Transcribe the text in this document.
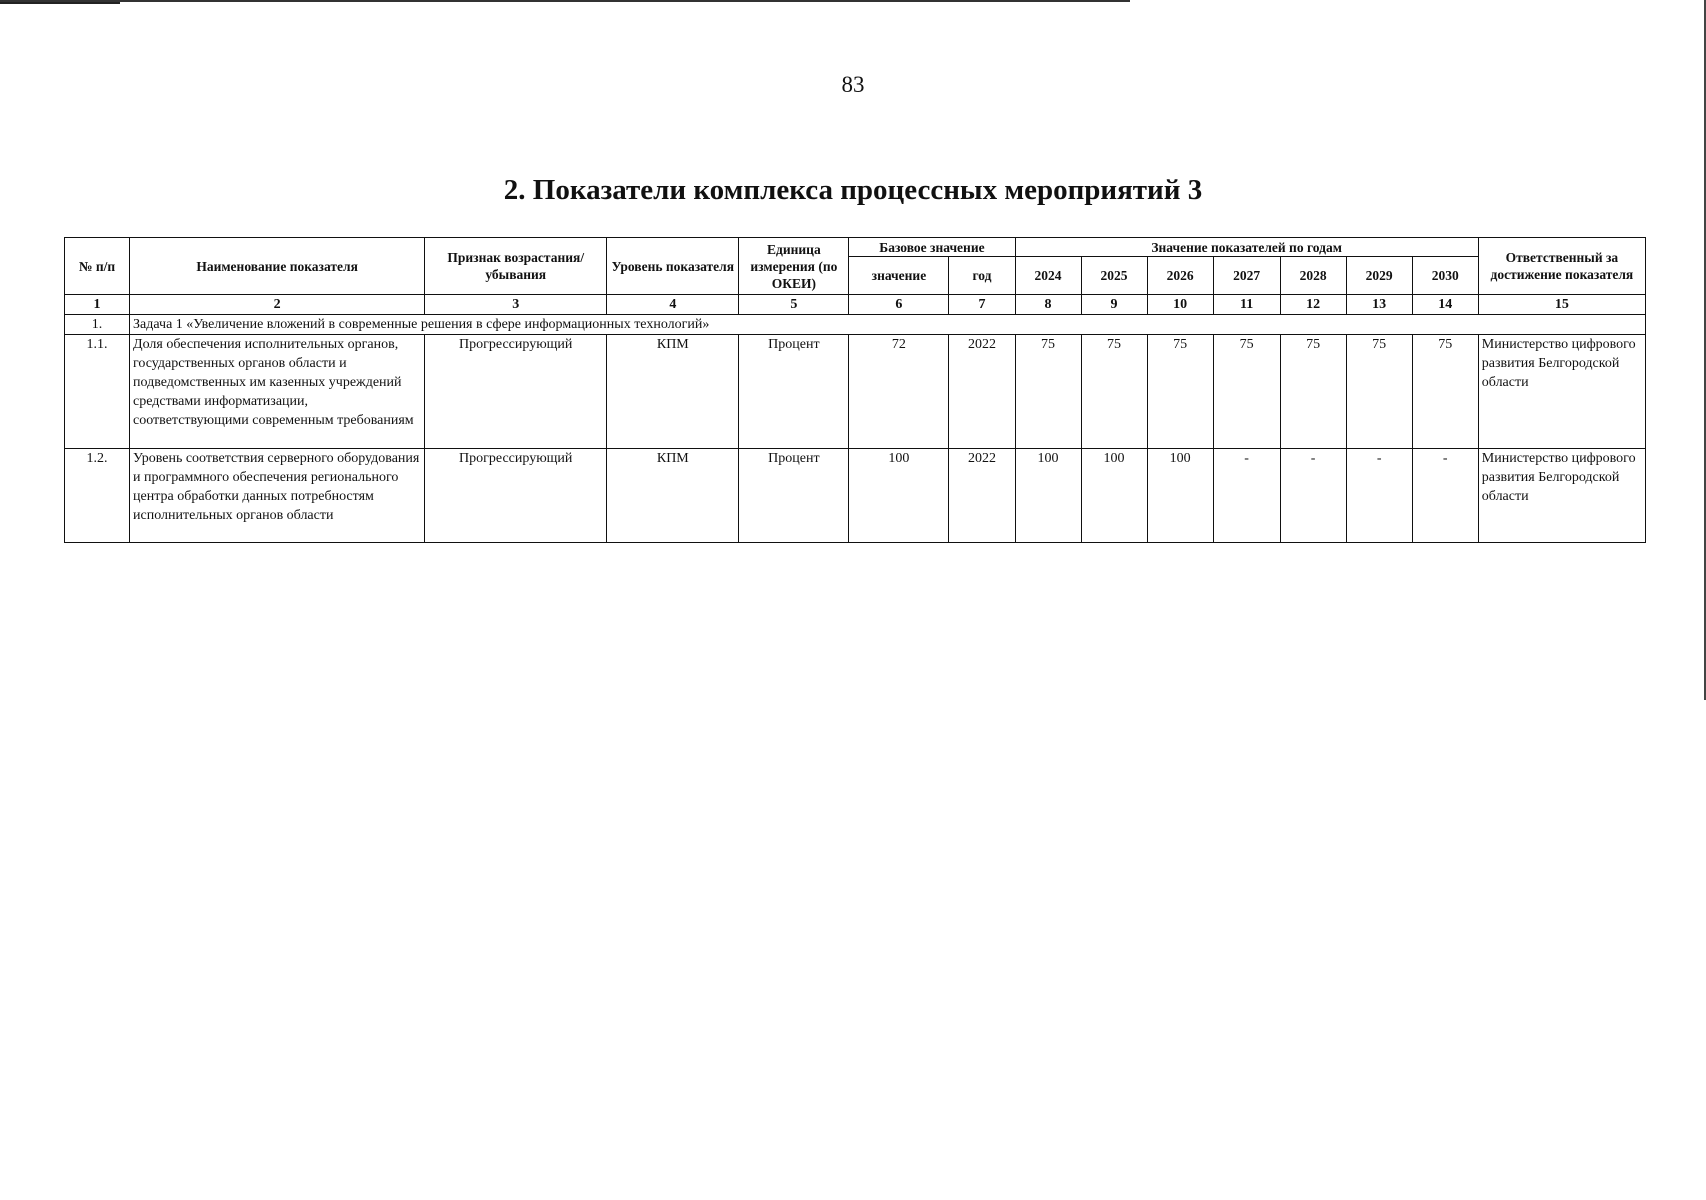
83
2. Показатели комплекса процессных мероприятий 3
№ п/п	Наименование показателя	Признак возрастания/ убывания	Уровень показателя	Единица измерения (по ОКЕИ)	Базовое значение		Значение показателей по годам							Ответственный за достижение показателя
					значение	год	2024	2025	2026	2027	2028	2029	2030	
1	2	3	4	5	6	7	8	9	10	11	12	13	14	15
1.	Задача 1 «Увеличение вложений в современные решения в сфере информационных технологий»													
1.1.	Доля обеспечения исполнительных органов, государственных органов области и подведомственных им казенных учреждений средствами информатизации, соответствующими современным требованиям	Прогрессирующий	КПМ	Процент	72	2022	75	75	75	75	75	75	75	Министерство цифрового развития Белгородской области
1.2.	Уровень соответствия серверного оборудования и программного обеспечения регионального центра обработки данных потребностям исполнительных органов области	Прогрессирующий	КПМ	Процент	100	2022	100	100	100	-	-	-	-	Министерство цифрового развития Белгородской области
